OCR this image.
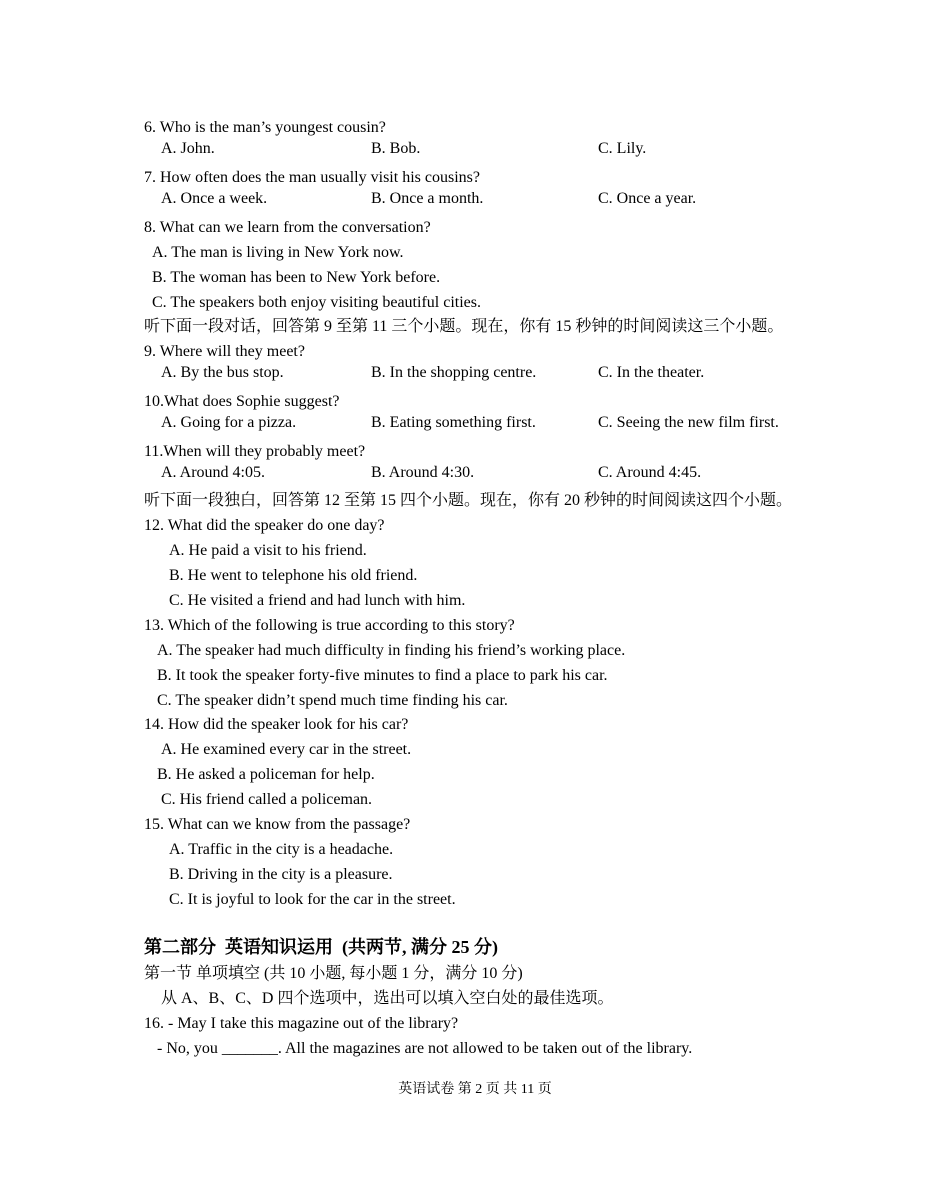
6. Who is the man’s youngest cousin?
A. John.	B. Bob.	C. Lily.
7. How often does the man usually visit his cousins?
A. Once a week.	B. Once a month.	C. Once a year.
8. What can we learn from the conversation?
A. The man is living in New York now.
B. The woman has been to New York before.
C. The speakers both enjoy visiting beautiful cities.
听下面一段对话，回答第 9 至第 11 三个小题。现在，你有 15 秒钟的时间阅读这三个小题。
9. Where will they meet?
A. By the bus stop.	B. In the shopping centre.	C. In the theater.
10.What does Sophie suggest?
A. Going for a pizza.	B. Eating something first.	C. Seeing the new film first.
11.When will they probably meet?
A. Around 4:05.	B. Around 4:30.	C. Around 4:45.
听下面一段独白，回答第 12 至第 15 四个小题。现在，你有 20 秒钟的时间阅读这四个小题。
12. What did the speaker do one day?
A. He paid a visit to his friend.
B. He went to telephone his old friend.
C. He visited a friend and had lunch with him.
13. Which of the following is true according to this story?
A. The speaker had much difficulty in finding his friend’s working place.
B. It took the speaker forty-five minutes to find a place to park his car.
C. The speaker didn’t spend much time finding his car.
14. How did the speaker look for his car?
A. He examined every car in the street.
B. He asked a policeman for help.
C. His friend called a policeman.
15. What can we know from the passage?
A. Traffic in the city is a headache.
B. Driving in the city is a pleasure.
C. It is joyful to look for the car in the street.
第二部分  英语知识运用  (共两节, 满分 25 分)
第一节 单项填空 (共 10 小题, 每小题 1 分，满分 10 分)
从 A、B、C、D 四个选项中，选出可以填入空白处的最佳选项。
16. - May I take this magazine out of the library?
- No, you _______. All the magazines are not allowed to be taken out of the library.
英语试卷 第 2 页 共 11 页
